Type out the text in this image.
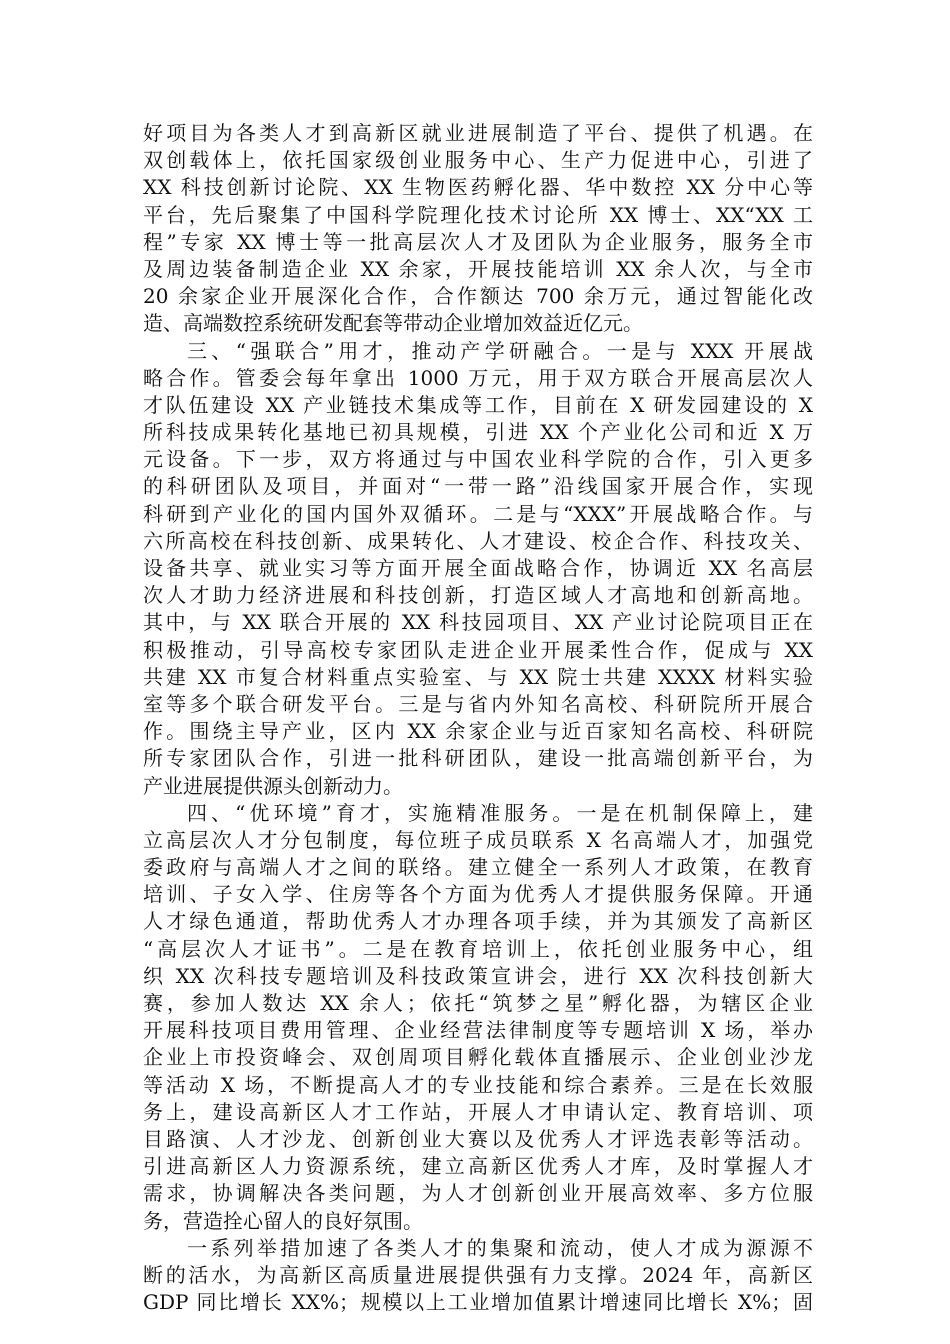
好项目为各类人才到高新区就业进展制造了平台、提供了机遇。在
双创载体上，依托国家级创业服务中心、生产力促进中心，引进了
XX 科技创新讨论院、XX 生物医药孵化器、华中数控 XX 分中心等
平台，先后聚集了中国科学院理化技术讨论所 XX 博士、XX“XX 工
程”专家 XX 博士等一批高层次人才及团队为企业服务，服务全市
及周边装备制造企业 XX 余家，开展技能培训 XX 余人次，与全市
20 余家企业开展深化合作，合作额达 700 余万元，通过智能化改
造、高端数控系统研发配套等带动企业增加效益近亿元。
三、“强联合”用才，推动产学研融合。一是与 XXX 开展战
略合作。管委会每年拿出 1000 万元，用于双方联合开展高层次人
才队伍建设 XX 产业链技术集成等工作，目前在 X 研发园建设的 X
所科技成果转化基地已初具规模，引进 XX 个产业化公司和近 X 万
元设备。下一步，双方将通过与中国农业科学院的合作，引入更多
的科研团队及项目，并面对“一带一路”沿线国家开展合作，实现
科研到产业化的国内国外双循环。二是与“XXX”开展战略合作。与
六所高校在科技创新、成果转化、人才建设、校企合作、科技攻关、
设备共享、就业实习等方面开展全面战略合作，协调近 XX 名高层
次人才助力经济进展和科技创新，打造区域人才高地和创新高地。
其中，与 XX 联合开展的 XX 科技园项目、XX 产业讨论院项目正在
积极推动，引导高校专家团队走进企业开展柔性合作，促成与 XX
共建 XX 市复合材料重点实验室、与 XX 院士共建 XXXX 材料实验
室等多个联合研发平台。三是与省内外知名高校、科研院所开展合
作。围绕主导产业，区内 XX 余家企业与近百家知名高校、科研院
所专家团队合作，引进一批科研团队，建设一批高端创新平台，为
产业进展提供源头创新动力。
四、“优环境”育才，实施精准服务。一是在机制保障上，建
立高层次人才分包制度，每位班子成员联系 X 名高端人才，加强党
委政府与高端人才之间的联络。建立健全一系列人才政策，在教育
培训、子女入学、住房等各个方面为优秀人才提供服务保障。开通
人才绿色通道，帮助优秀人才办理各项手续，并为其颁发了高新区
“高层次人才证书”。二是在教育培训上，依托创业服务中心，组
织 XX 次科技专题培训及科技政策宣讲会，进行 XX 次科技创新大
赛，参加人数达 XX 余人；依托“筑梦之星”孵化器，为辖区企业
开展科技项目费用管理、企业经营法律制度等专题培训 X 场，举办
企业上市投资峰会、双创周项目孵化载体直播展示、企业创业沙龙
等活动 X 场，不断提高人才的专业技能和综合素养。三是在长效服
务上，建设高新区人才工作站，开展人才申请认定、教育培训、项
目路演、人才沙龙、创新创业大赛以及优秀人才评选表彰等活动。
引进高新区人力资源系统，建立高新区优秀人才库，及时掌握人才
需求，协调解决各类问题，为人才创新创业开展高效率、多方位服
务，营造拴心留人的良好氛围。
一系列举措加速了各类人才的集聚和流动，使人才成为源源不
断的活水，为高新区高质量进展提供强有力支撑。2024 年，高新区
GDP 同比增长 XX%；规模以上工业增加值累计增速同比增长 X%；固
